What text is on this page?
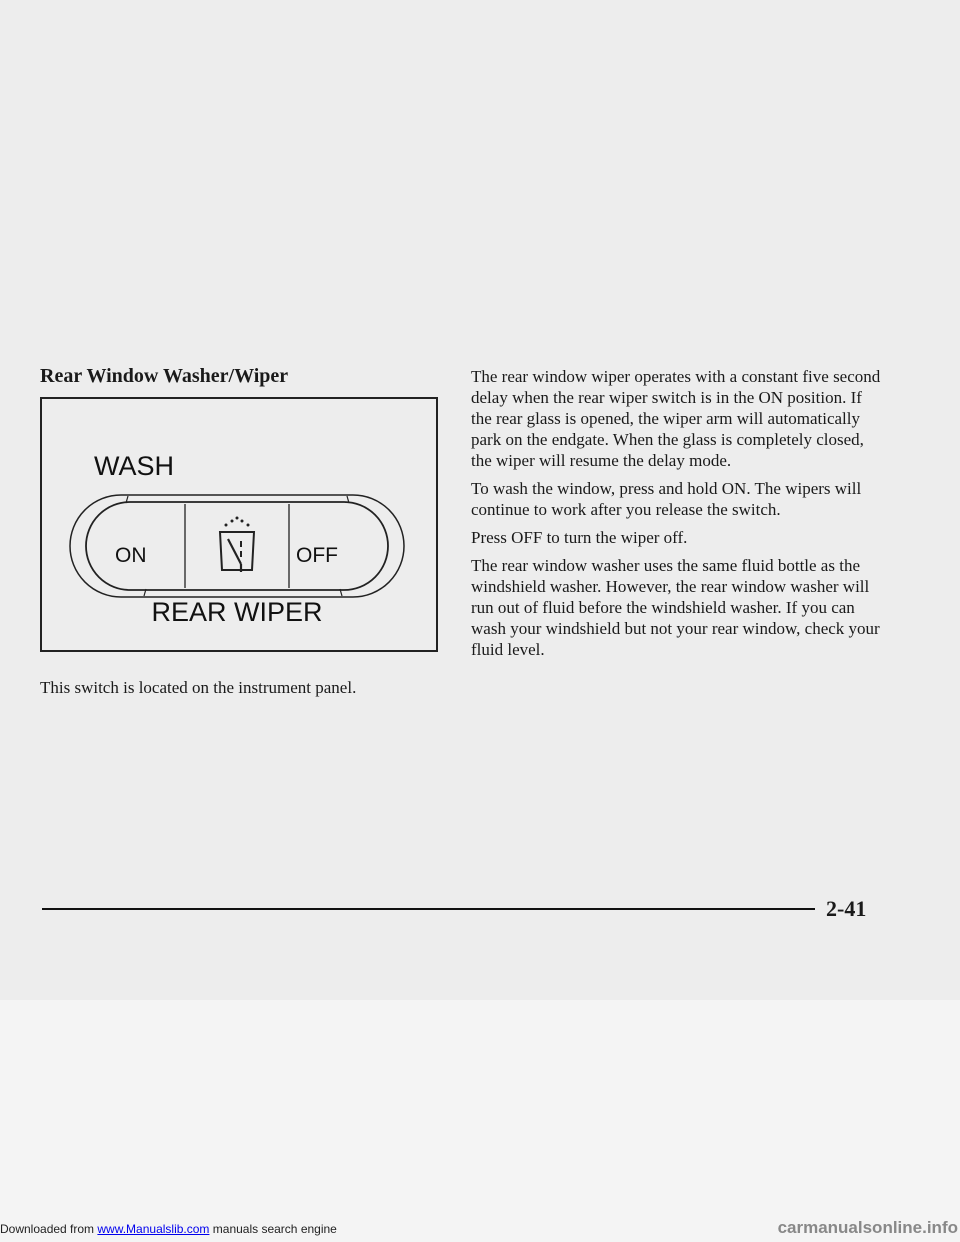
Rear Window Washer/Wiper
WASH
ON	OFF
REAR WIPER

This switch is located on the instrument panel.

The rear window wiper operates with a constant five second delay when the rear wiper switch is in the ON position. If the rear glass is opened, the wiper arm will automatically park on the endgate. When the glass is completely closed, the wiper will resume the delay mode.

To wash the window, press and hold ON. The wipers will continue to work after you release the switch.

Press OFF to turn the wiper off.

The rear window washer uses the same fluid bottle as the windshield washer. However, the rear window washer will run out of fluid before the windshield washer. If you can wash your windshield but not your rear window, check your fluid level.

2-41

Downloaded from www.Manualslib.com manuals search engine	carmanualsonline.info
